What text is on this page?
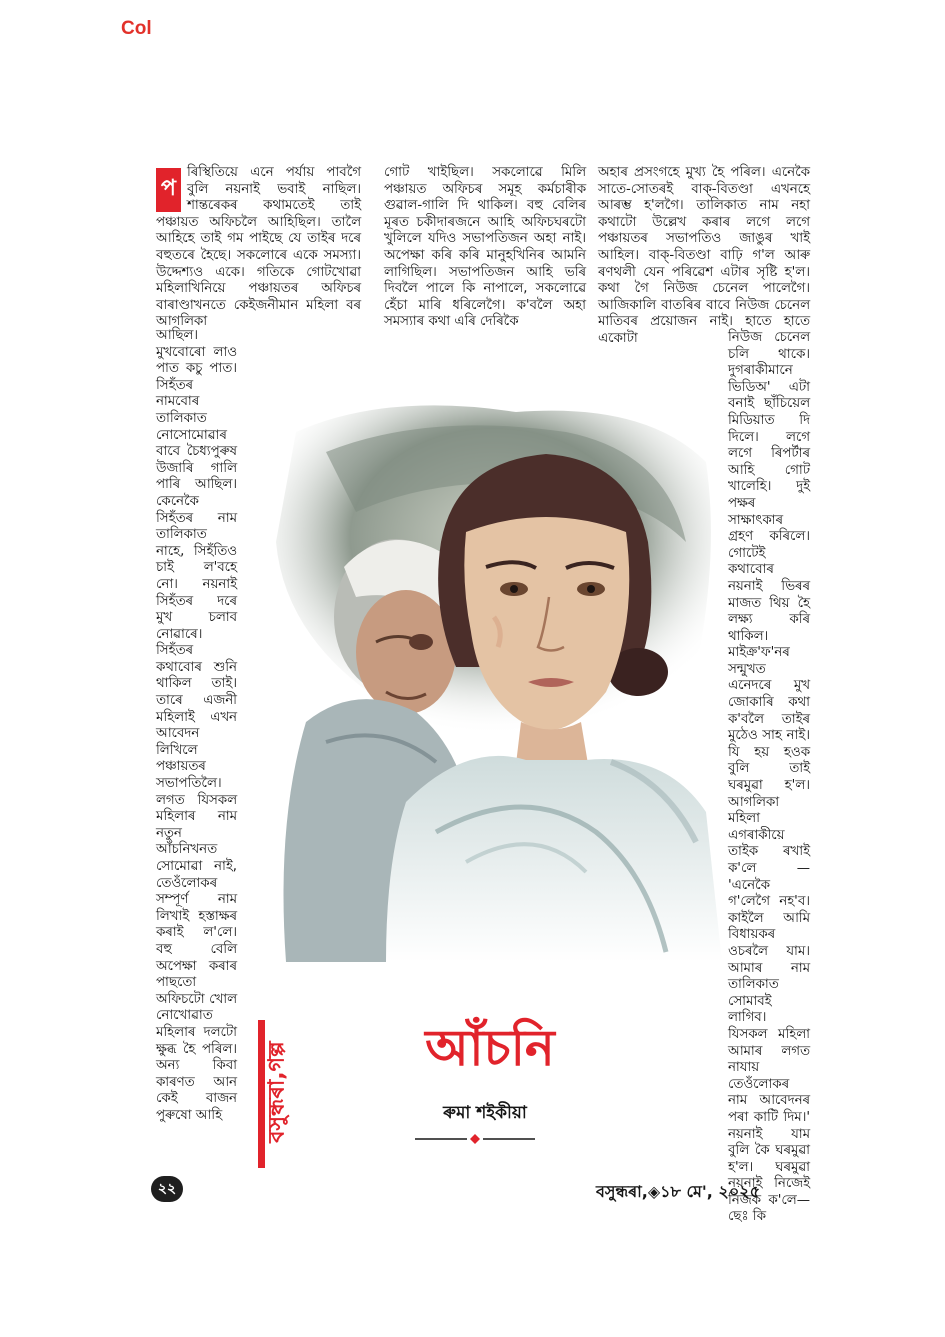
Col
প

ৰিস্থিতিয়ে এনে পৰ্যায় পাবগৈ বুলি নয়নাই ভবাই নাছিল। শান্তৰেকৰ কথামতেই তাই পঞ্চায়ত অফিচলৈ আহিছিল। তালৈ আহিহে তাই গম পাইছে যে তাইৰ দৰে বহুতৰে হৈছে। সকলোৰে একে সমস্যা। উদ্দেশ্যও একে। গতিকে গোটখোৱা মহিলাখিনিয়ে পঞ্চায়তৰ অফিচৰ বাৰাণ্ডাখনতে কেইজনীমান মহিলা বৰ আগলিকা

আছিল। মুখবোৰো লাও পাত কচু পাত। সিহঁতৰ নামবোৰ তালিকাত নোসোমোৱাৰ বাবে চৈধ্যপুৰুষ উজাৰি গালি পাৰি আছিল। কেনেকৈ সিহঁতৰ নাম তালিকাত নাহে, সিহঁতিও চাই ল'বহে নো। নয়নাই সিহঁতৰ দৰে মুখ চলাব নোৱাৰে। সিহঁতৰ কথাবোৰ শুনি থাকিল তাই। তাৰে এজনী মহিলাই এখন আবেদন লিখিলে পঞ্চায়তৰ সভাপতিলৈ। লগত যিসকল মহিলাৰ নাম নতুন আঁচনিখনত সোমোৱা নাই, তেওঁলোকৰ সম্পূৰ্ণ নাম লিখাই হস্তাক্ষৰ কৰাই ল'লে। বহু বেলি অপেক্ষা কৰাৰ পাছতো অফিচটো খোল নোখোৱাত মহিলাৰ দলটো ক্ষুব্ধ হৈ পৰিল। অন্য কিবা কাৰণত আন কেই বাজন পুৰুষো আহি

গোট খাইছিল। সকলোৱে মিলি পঞ্চায়ত অফিচৰ সমূহ কৰ্মচাৰীক গুৱাল-গালি দি থাকিল। বহু বেলিৰ মূৰত চকীদাৰজনে আহি অফিচঘৰটো খুলিলে যদিও সভাপতিজন অহা নাই। অপেক্ষা কৰি কৰি মানুহখিনিৰ আমনি লাগিছিল। সভাপতিজন আহি ভৰি দিবলৈ পালে কি নাপালে, সকলোৱে হেঁচা মাৰি ধৰিলেগৈ। ক'বলৈ অহা সমস্যাৰ কথা এৰি দেৰিকৈ

অহাৰ প্ৰসংগহে মুখ্য হৈ পৰিল। এনেকৈ সাতে-সোতৰই বাক্-বিতণ্ডা এখনহে আৰম্ভ হ'লগৈ। তালিকাত নাম নহা কথাটো উল্লেখ কৰাৰ লগে লগে পঞ্চায়তৰ সভাপতিও জাঙুৰ খাই আহিল। বাক্-বিতণ্ডা বাঢ়ি গ'ল আৰু ৰণথলী যেন পৰিৱেশ এটাৰ সৃষ্টি হ'ল। কথা গৈ নিউজ চেনেল পালেগৈ। আজিকালি বাতৰিৰ বাবে নিউজ চেনেল মাতিবৰ প্ৰয়োজন নাই। হাতে হাতে একোটা	নিউজ চেনেল চলি থাকে। দুগৰাকীমানে ভিডিঅ' এটা বনাই ছাঁচিয়েল মিডিয়াত দি দিলে। লগে লগে ৰিপৰ্টাৰ আহি গোট খালেহি। দুই পক্ষৰ সাক্ষাৎকাৰ গ্ৰহণ কৰিলে। গোটেই কথাবোৰ নয়নাই ভিৰৰ মাজত থিয় হৈ লক্ষ্য কৰি থাকিল। মাইক্ৰ'ফ'নৰ সন্মুখত এনেদৰে মুখ জোকাৰি কথা ক'বলৈ তাইৰ মুঠেও সাহ নাই। যি হয় হওক বুলি তাই ঘৰমুৱা হ'ল। আগলিকা মহিলা এগৰাকীয়ে তাইক ৰখাই ক'লে — 'এনেকৈ গ'লেগৈ নহ'ব। কাইলৈ আমি বিধায়কৰ ওচৰলৈ যাম। আমাৰ নাম তালিকাত সোমাবই লাগিব। যিসকল মহিলা আমাৰ লগত নাযায় তেওঁলোকৰ নাম আবেদনৰ পৰা কাটি দিম।' নয়নাই যাম বুলি কৈ ঘৰমুৱা হ'ল। ঘৰমুৱা নয়নাই নিজেই নিজক ক'লে— ছেঃ কি

বসুন্ধৰা,গল্প	আঁচনি
ৰুমা শইকীয়া
২২	বসুন্ধৰা,◈১৮ মে', ২০২৫
